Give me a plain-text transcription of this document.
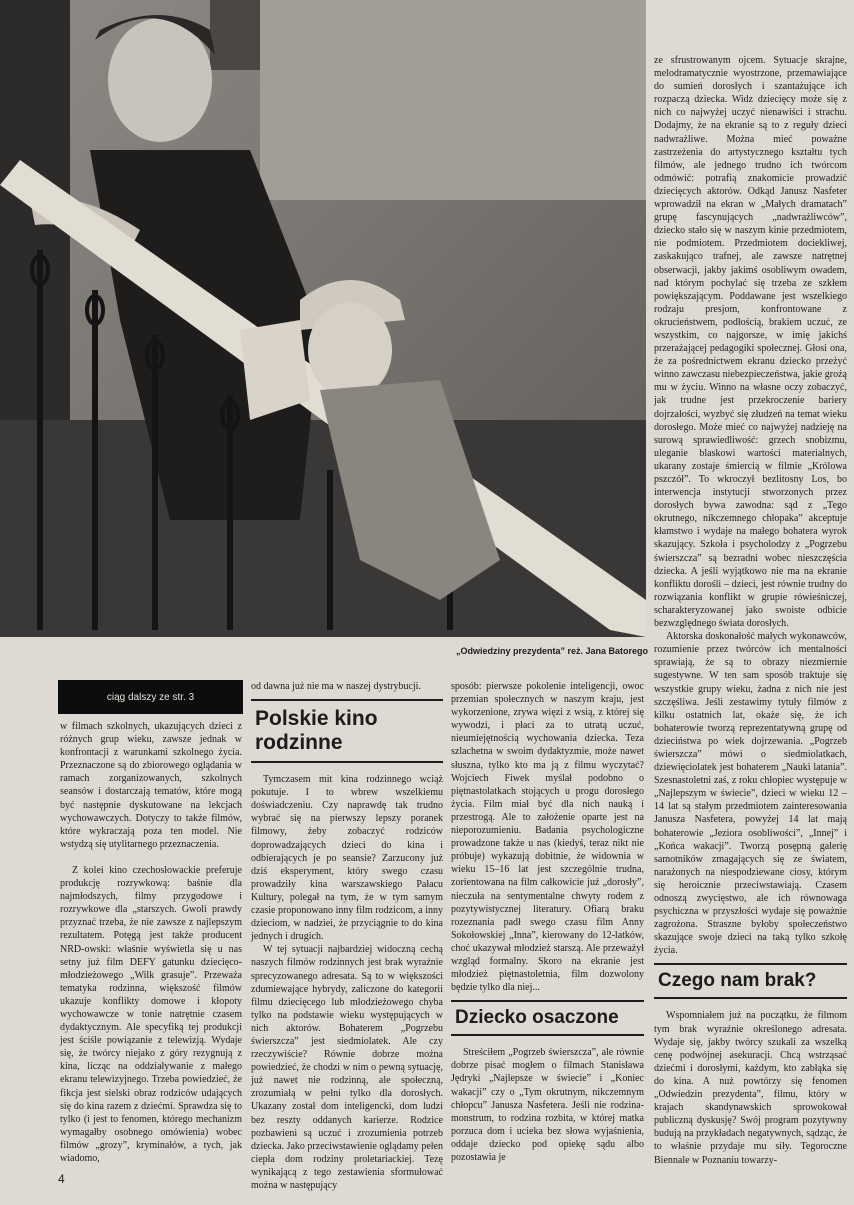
„Odwiedziny prezydenta” reż. Jana Batorego
ciąg dalszy ze str. 3

w filmach szkolnych, ukazujących dzieci z różnych grup wieku, zawsze jednak w konfrontacji z warunkami szkolnego życia. Przeznaczone są do zbiorowego oglądania w ramach zorganizowanych, szkolnych seansów i dostarczają tematów, które mogą być następnie dyskutowane na lekcjach wychowawczych. Dotyczy to także filmów, które wykraczają poza ten model. Nie wstydzą się utylitarnego przeznaczenia.

Z kolei kino czechosłowackie preferuje produkcję rozrywkową: baśnie dla najmłodszych, filmy przygodowe i rozrywkowe dla „starszych. Gwoli prawdy przyznać trzeba, że nie zawsze z najlepszym rezultatem. Potęgą jest także producent NRD-owski: właśnie wyświetla się u nas setny już film DEFY gatunku dziecięco-młodzieżowego „Wilk grasuje”. Przeważa tematyka rodzinna, większość filmów ukazuje konflikty domowe i kłopoty wychowawcze w tonie natrętnie czasem dydaktycznym. Ale specyfiką tej produkcji jest ściśle powiązanie z telewizją. Wydaje się, że twórcy niejako z góry rezygnują z kina, licząc na oddziaływanie z małego ekranu telewizyjnego. Trzeba powiedzieć, że fikcja jest sielski obraz rodziców udających się do kina razem z dziećmi. Sprawdza się to tylko (i jest to fenomen, którego mechanizm wymagałby osobnego omówienia) wobec filmów „grozy”, kryminałów, a tych, jak wiadomo,

od dawna już nie ma w naszej dystrybucji.

Polskie kino rodzinne

Tymczasem mit kina rodzinnego wciąż pokutuje. I to wbrew wszelkiemu doświadczeniu. Czy naprawdę tak trudno wybrać się na pierwszy lepszy poranek filmowy, żeby zobaczyć rodziców doprowadzających dzieci do kina i odbierających je po seansie? Zarzucony już dziś eksperyment, który swego czasu prowadziły kina warszawskiego Pałacu Kultury, polegał na tym, że w tym samym czasie proponowano inny film rodzicom, a inny dzieciom, w nadziei, że przyciągnie to do kina jednych i drugich.

W tej sytuacji najbardziej widoczną cechą naszych filmów rodzinnych jest brak wyraźnie sprecyzowanego adresata. Są to w większości zdumiewające hybrydy, zaliczone do kategorii filmu dziecięcego lub młodzieżowego chyba tylko na podstawie wieku występujących w nich aktorów. Bohaterem „Pogrzebu świerszcza” jest siedmiolatek. Ale czy rzeczywiście? Równie dobrze można powiedzieć, że chodzi w nim o pewną sytuację, już nawet nie rodzinną, ale społeczną, zrozumiałą w pełni tylko dla dorosłych. Ukazany został dom inteligencki, dom ludzi bez reszty oddanych karierze. Rodzice pozbawieni są uczuć i zrozumienia potrzeb dziecka. Jako przeciwstawienie oglądamy pełen ciepła dom rodziny proletariackiej. Tezę wynikającą z tego zestawienia sformułować można w następujący

sposób: pierwsze pokolenie inteligencji, owoc przemian społecznych w naszym kraju, jest wykorzenione, zrywa więzi z wsią, z której się wywodzi, i płaci za to utratą uczuć, nieumiejętnością wychowania dziecka. Teza szlachetna w swoim dydaktyzmie, może nawet słuszna, tylko kto ma ją z filmu wyczytać? Wojciech Fiwek myślał podobno o piętnastolatkach stojących u progu dorosłego życia. Film miał być dla nich nauką i przestrogą. Ale to założenie oparte jest na nieporozumieniu. Badania psychologiczne prowadzone także u nas (kiedyś, teraz nikt nie próbuje) wykazują dobitnie, że widownia w wieku 15–16 lat jest szczególnie trudna, zorientowana na film całkowicie już „dorosły”, nieczuła na sentymentalne chwyty rodem z pozytywistycznej literatury. Ofiarą braku rozeznania padł swego czasu film Anny Sokołowskiej „Inna”, kierowany do 12-latków, choć ukazywał młodzież starszą. Ale przeważył wzgląd formalny. Skoro na ekranie jest młodzież piętnastoletnia, film dozwolony będzie tylko dla niej...

Dziecko osaczone

Streściłem „Pogrzeb świerszcza”, ale równie dobrze pisać mogłem o filmach Stanisława Jędryki „Najlepsze w świecie” i „Koniec wakacji” czy o „Tym okrutnym, nikczemnym chłopcu” Janusza Nasfetera. Jeśli nie rodzina-monstrum, to rodzina rozbita, w której matka porzuca dom i ucieka bez słowa wyjaśnienia, oddaje dziecko pod opiekę sądu albo pozostawia je

ze sfrustrowanym ojcem. Sytuacje skrajne, melodramatycznie wyostrzone, przemawiające do sumień dorosłych i szantażujące ich rozpaczą dziecka. Widz dziecięcy może się z nich co najwyżej uczyć nienawiści i strachu. Dodajmy, że na ekranie są to z reguły dzieci nadwrażliwe. Można mieć poważne zastrzeżenia do artystycznego kształtu tych filmów, ale jednego trudno ich twórcom odmówić: potrafią znakomicie prowadzić dziecięcych aktorów. Odkąd Janusz Nasfeter wprowadził na ekran w „Małych dramatach” grupę fascynujących „nadwrażliwców”, dziecko stało się w naszym kinie przedmiotem, nie podmiotem. Przedmiotem dociekliwej, zaskakująco trafnej, ale zawsze natrętnej obserwacji, jakby jakimś osobliwym owadem, nad którym pochylać się trzeba ze szkłem powiększającym. Poddawane jest wszelkiego rodzaju presjom, konfrontowane z okrucieństwem, podłością, brakiem uczuć, ze wszystkim, co najgorsze, w imię jakichś przerażającej pedagogiki społecznej. Głosi ona, że za pośrednictwem ekranu dziecko przeżyć winno zawczasu niebezpieczeństwa, jakie grożą mu w życiu. Winno na własne oczy zobaczyć, jak trudne jest przekroczenie bariery dojrzałości, wyzbyć się złudzeń na temat wieku dorosłego. Może mieć co najwyżej nadzieję na surową sprawiedliwość: grzech snobizmu, uleganie blaskowi wartości materialnych, ukarany zostaje śmiercią w filmie „Królowa pszczół”. To wkroczył bezlitosny Los, bo interwencja instytucji stworzonych przez dorosłych bywa zawodna: sąd z „Tego okrutnego, nikczemnego chłopaka” akceptuje kłamstwo i wydaje na małego bohatera wyrok skazujący. Szkoła i psycholodzy z „Pogrzebu świerszcza” są bezradni wobec nieszczęścia dziecka. A jeśli wyjątkowo nie ma na ekranie konfliktu dorośli – dzieci, jest równie trudny do rozwiązania konflikt w grupie rówieśniczej, scharakteryzowanej jako swoiste odbicie bezwzględnego świata dorosłych.

Aktorska doskonałość małych wykonawców, rozumienie przez twórców ich mentalności sprawiają, że są to obrazy niezmiernie sugestywne. W ten sam sposób traktuje się wszystkie grupy wieku, żadna z nich nie jest szczęśliwa. Jeśli zestawimy tytuły filmów z kilku ostatnich lat, okaże się, że ich bohaterowie tworzą reprezentatywną grupę od dzieciństwa po wiek dojrzewania. „Pogrzeb świerszcza” mówi o siedmiolatkach, dziewięciolatek jest bohaterem „Nauki latania”. Szesnastoletni zaś, z roku chłopiec występuje w „Najlepszym w świecie”, dzieci w wieku 12 – 14 lat są stałym przedmiotem zainteresowania Janusza Nasfetera, powyżej 14 lat mają bohaterowie „Jeziora osobliwości”, „Innej” i „Końca wakacji”. Tworzą posępną galerię samotników zmagających się ze światem, narażonych na niespodziewane ciosy, którym się heroicznie przeciwstawiają. Czasem odnoszą zwycięstwo, ale ich równowaga psychiczna w przyszłości wydaje się poważnie zagrożona. Straszne byłoby społeczeństwo skazujące swoje dzieci na taką tylko szkołę życia.

Czego nam brak?

Wspomniałem już na początku, że filmom tym brak wyraźnie określonego adresata. Wydaje się, jakby twórcy szukali za wszelką cenę podwójnej asekuracji. Chcą wstrząsać dziećmi i dorosłymi, każdym, kto zabłąka się do kina. A nuż powtórzy się fenomen „Odwiedzin prezydenta”, filmu, który w krajach skandynawskich sprowokował publiczną dyskusję? Swój program pozytywny budują na przykładach negatywnych, sądząc, że to właśnie przydaje mu siły. Tegoroczne Biennale w Poznaniu towarzy-

4
